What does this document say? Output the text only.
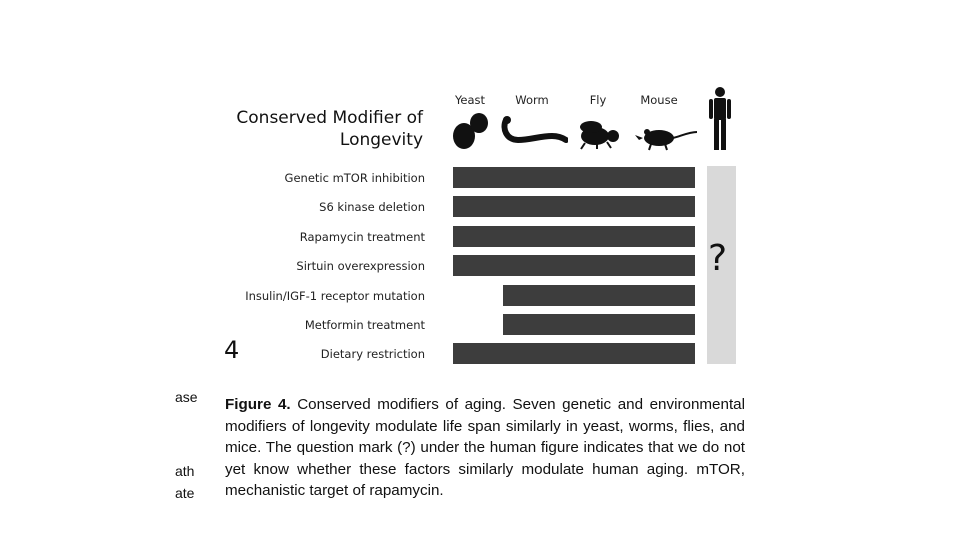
Conserved Modifier of
Longevity
Yeast	Worm	Fly	Mouse
?
Genetic mTOR inhibition
S6 kinase deletion
Rapamycin treatment
Sirtuin overexpression
Insulin/IGF-1 receptor mutation
Metformin treatment
Dietary restriction
4
ase
ath
ate
Figure 4. Conserved modifiers of aging. Seven genetic and environmental modifiers of longevity modulate life span similarly in yeast, worms, flies, and mice. The question mark (?) under the human figure indicates that we do not yet know whether these factors similarly modulate human aging. mTOR, mechanistic target of rapamycin.
